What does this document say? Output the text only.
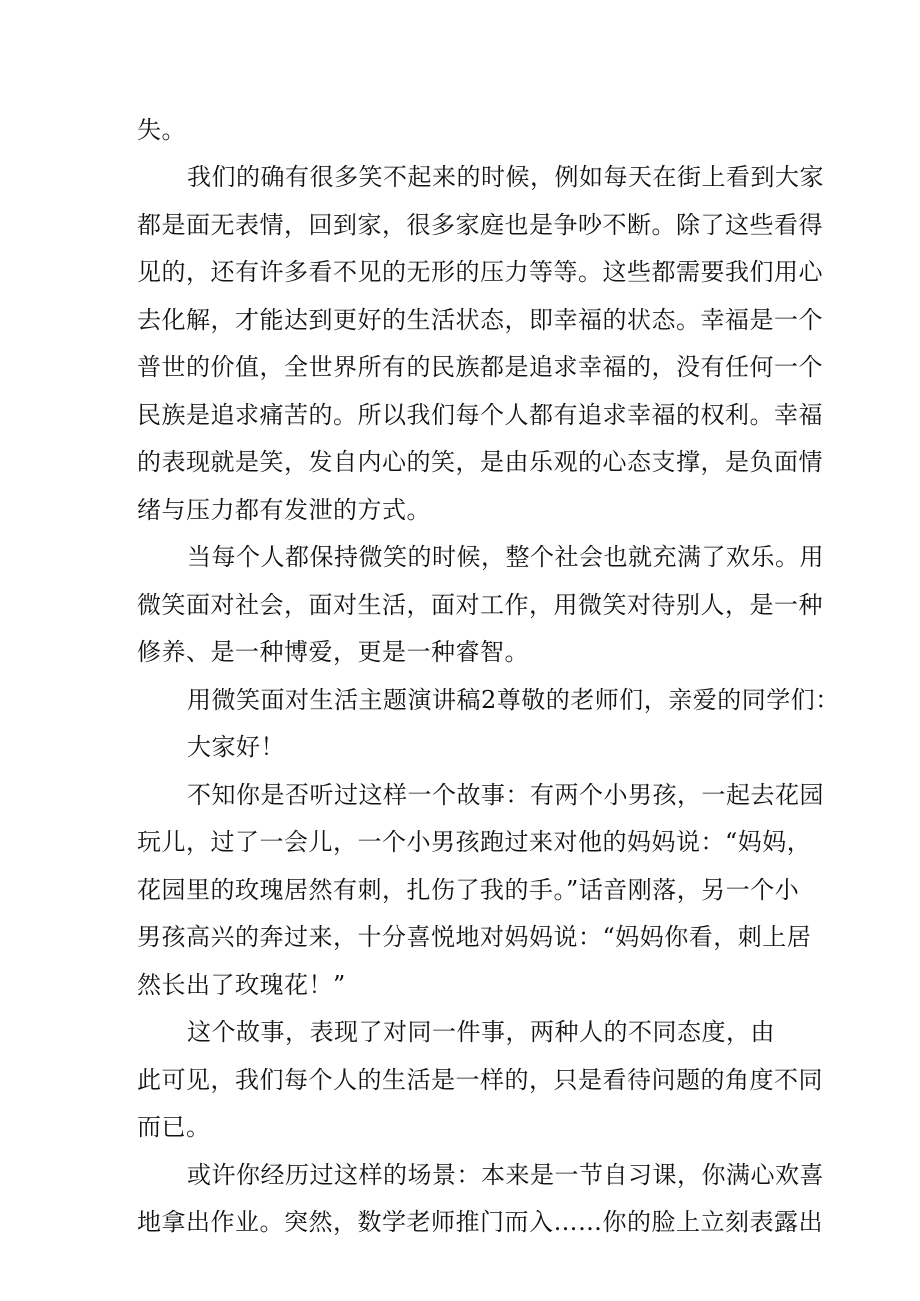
失。

我们的确有很多笑不起来的时候，例如每天在街上看到大家

都是面无表情，回到家，很多家庭也是争吵不断。除了这些看得

见的，还有许多看不见的无形的压力等等。这些都需要我们用心

去化解，才能达到更好的生活状态，即幸福的状态。幸福是一个

普世的价值，全世界所有的民族都是追求幸福的，没有任何一个

民族是追求痛苦的。所以我们每个人都有追求幸福的权利。幸福

的表现就是笑，发自内心的笑，是由乐观的心态支撑，是负面情

绪与压力都有发泄的方式。

当每个人都保持微笑的时候，整个社会也就充满了欢乐。用

微笑面对社会，面对生活，面对工作，用微笑对待别人，是一种

修养、是一种博爱，更是一种睿智。

用微笑面对生活主题演讲稿2尊敬的老师们，亲爱的同学们：

大家好！

不知你是否听过这样一个故事：有两个小男孩，一起去花园

玩儿，过了一会儿，一个小男孩跑过来对他的妈妈说：“妈妈，

花园里的玫瑰居然有刺，扎伤了我的手。”话音刚落，另一个小

男孩高兴的奔过来，十分喜悦地对妈妈说：“妈妈你看，刺上居

然长出了玫瑰花！”

这个故事，表现了对同一件事，两种人的不同态度，由

此可见，我们每个人的生活是一样的，只是看待问题的角度不同

而已。

或许你经历过这样的场景：本来是一节自习课，你满心欢喜

地拿出作业。突然，数学老师推门而入……你的脸上立刻表露出
